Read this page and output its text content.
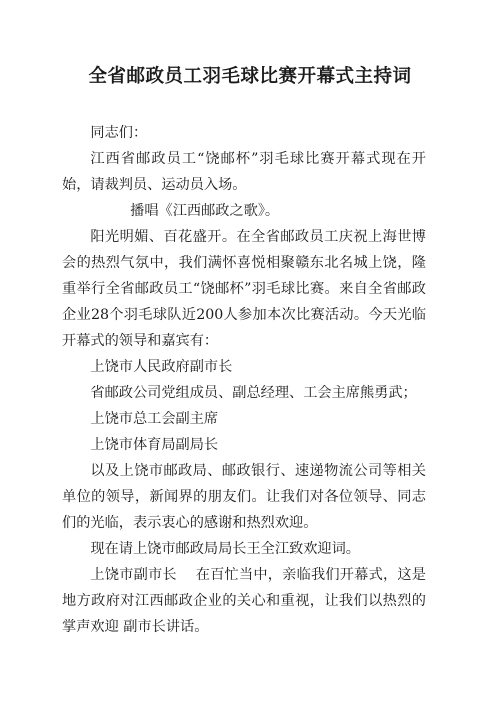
全省邮政员工羽毛球比赛开幕式主持词

同志们：

江西省邮政员工“饶邮杯”羽毛球比赛开幕式现在开始，请裁判员、运动员入场。

播唱《江西邮政之歌》。

阳光明媚、百花盛开。在全省邮政员工庆祝上海世博会的热烈气氛中，我们满怀喜悦相聚赣东北名城上饶，隆重举行全省邮政员工“饶邮杯”羽毛球比赛。来自全省邮政企业28个羽毛球队近200人参加本次比赛活动。今天光临开幕式的领导和嘉宾有：

上饶市人民政府副市长

省邮政公司党组成员、副总经理、工会主席熊勇武；

上饶市总工会副主席

上饶市体育局副局长

以及上饶市邮政局、邮政银行、速递物流公司等相关单位的领导，新闻界的朋友们。让我们对各位领导、同志们的光临，表示衷心的感谢和热烈欢迎。

现在请上饶市邮政局局长王全江致欢迎词。

上饶市副市长    在百忙当中，亲临我们开幕式，这是地方政府对江西邮政企业的关心和重视，让我们以热烈的掌声欢迎 副市长讲话。
